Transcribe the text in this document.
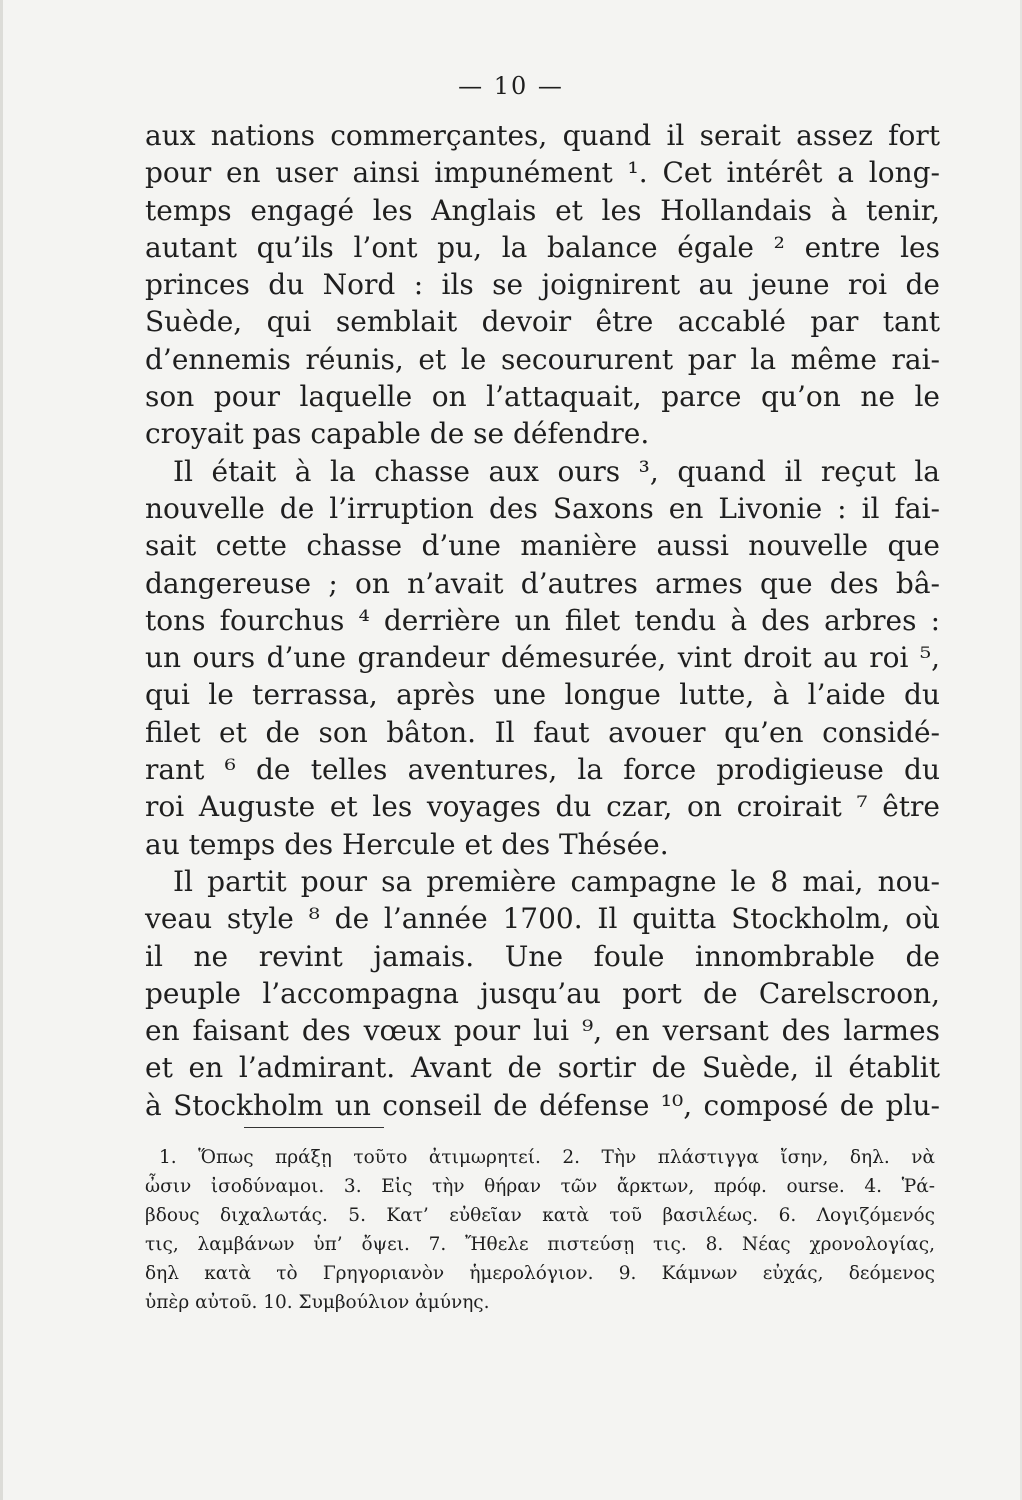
— 10 —
aux nations commerçantes, quand il serait assez fort
pour en user ainsi impunément ¹. Cet intérêt a long-
temps engagé les Anglais et les Hollandais à tenir,
autant qu’ils l’ont pu, la balance égale ² entre les
princes du Nord : ils se joignirent au jeune roi de
Suède, qui semblait devoir être accablé par tant
d’ennemis réunis, et le secoururent par la même rai-
son pour laquelle on l’attaquait, parce qu’on ne le
croyait pas capable de se défendre.
Il était à la chasse aux ours ³, quand il reçut la
nouvelle de l’irruption des Saxons en Livonie : il fai-
sait cette chasse d’une manière aussi nouvelle que
dangereuse ; on n’avait d’autres armes que des bâ-
tons fourchus ⁴ derrière un filet tendu à des arbres :
un ours d’une grandeur démesurée, vint droit au roi ⁵,
qui le terrassa, après une longue lutte, à l’aide du
filet et de son bâton. Il faut avouer qu’en considé-
rant ⁶ de telles aventures, la force prodigieuse du
roi Auguste et les voyages du czar, on croirait ⁷ être
au temps des Hercule et des Thésée.
Il partit pour sa première campagne le 8 mai, nou-
veau style ⁸ de l’année 1700. Il quitta Stockholm, où
il ne revint jamais. Une foule innombrable de
peuple l’accompagna jusqu’au port de Carelscroon,
en faisant des vœux pour lui ⁹, en versant des larmes
et en l’admirant. Avant de sortir de Suède, il établit
à Stockholm un conseil de défense ¹⁰, composé de plu-
1. Ὅπως πράξῃ τοῦτο ἀτιμωρητεί. 2. Τὴν πλάστιγγα ἴσην, δηλ. νὰ
ὦσιν ἰσοδύναμοι. 3. Εἰς τὴν θήραν τῶν ἄρκτων, πρόφ. ourse. 4. Ῥά-
βδους διχαλωτάς. 5. Κατ’ εὐθεῖαν κατὰ τοῦ βασιλέως. 6. Λογιζόμενός
τις, λαμβάνων ὑπ’ ὄψει. 7. Ἤθελε πιστεύσῃ τις. 8. Νέας χρονολογίας,
δηλ κατὰ τὸ Γρηγοριανὸν ἡμερολόγιον. 9. Κάμνων εὐχάς, δεόμενος
ὑπὲρ αὐτοῦ. 10. Συμβούλιον ἀμύνης.
